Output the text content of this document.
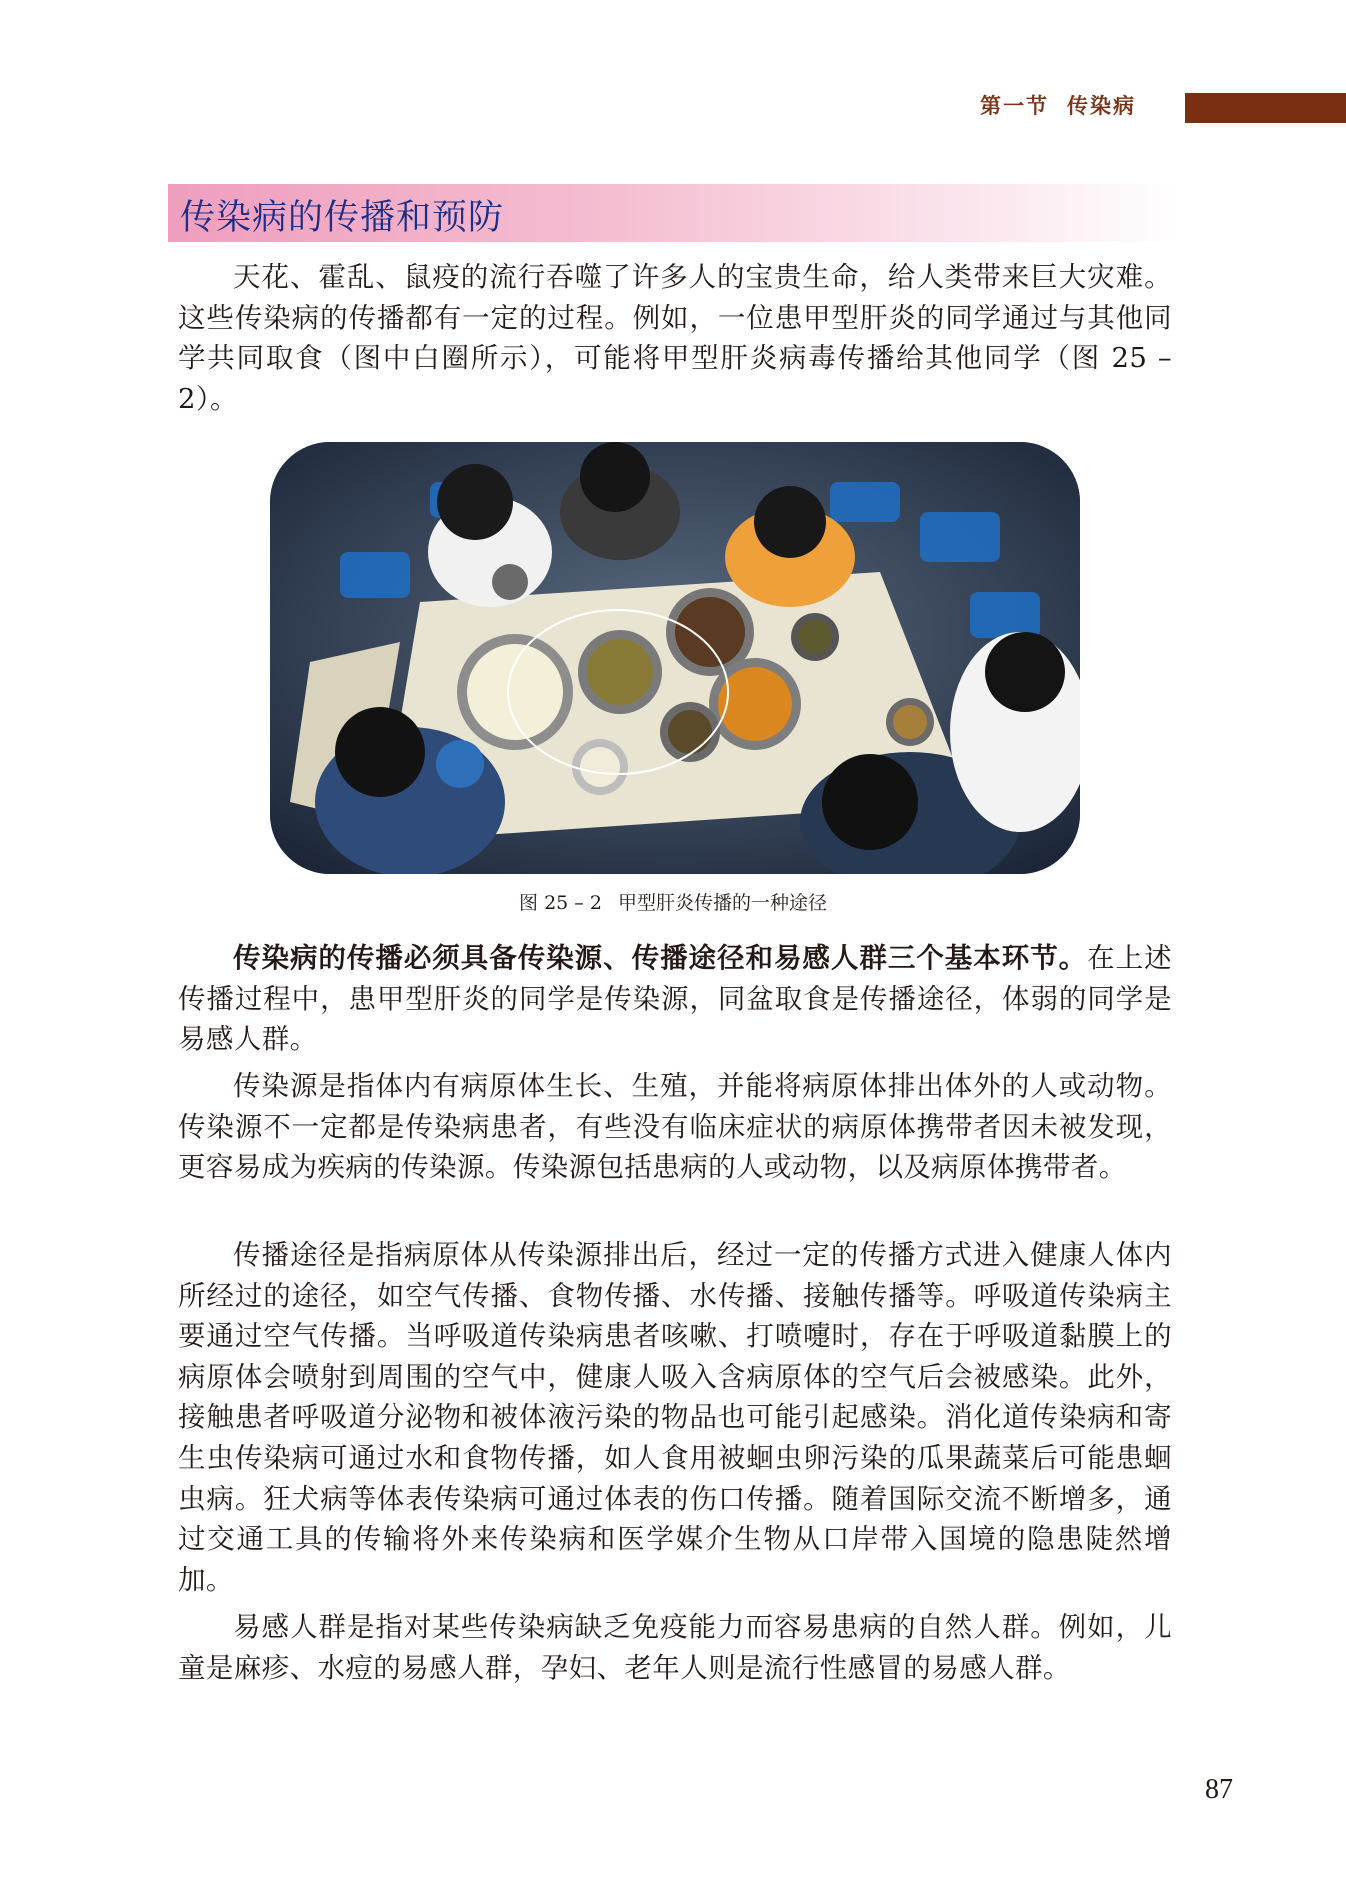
第一节 传染病
传染病的传播和预防

天花、霍乱、鼠疫的流行吞噬了许多人的宝贵生命，给人类带来巨大灾难。这些传染病的传播都有一定的过程。例如，一位患甲型肝炎的同学通过与其他同学共同取食（图中白圈所示），可能将甲型肝炎病毒传播给其他同学（图 25 – 2）。

图 25 – 2 甲型肝炎传播的一种途径

传染病的传播必须具备传染源、传播途径和易感人群三个基本环节。在上述传播过程中，患甲型肝炎的同学是传染源，同盆取食是传播途径，体弱的同学是易感人群。

传染源是指体内有病原体生长、生殖，并能将病原体排出体外的人或动物。传染源不一定都是传染病患者，有些没有临床症状的病原体携带者因未被发现，更容易成为疾病的传染源。传染源包括患病的人或动物，以及病原体携带者。

传播途径是指病原体从传染源排出后，经过一定的传播方式进入健康人体内所经过的途径，如空气传播、食物传播、水传播、接触传播等。呼吸道传染病主要通过空气传播。当呼吸道传染病患者咳嗽、打喷嚏时，存在于呼吸道黏膜上的病原体会喷射到周围的空气中，健康人吸入含病原体的空气后会被感染。此外，接触患者呼吸道分泌物和被体液污染的物品也可能引起感染。消化道传染病和寄生虫传染病可通过水和食物传播，如人食用被蛔虫卵污染的瓜果蔬菜后可能患蛔虫病。狂犬病等体表传染病可通过体表的伤口传播。随着国际交流不断增多，通过交通工具的传输将外来传染病和医学媒介生物从口岸带入国境的隐患陡然增加。

易感人群是指对某些传染病缺乏免疫能力而容易患病的自然人群。例如，儿童是麻疹、水痘的易感人群，孕妇、老年人则是流行性感冒的易感人群。

87
